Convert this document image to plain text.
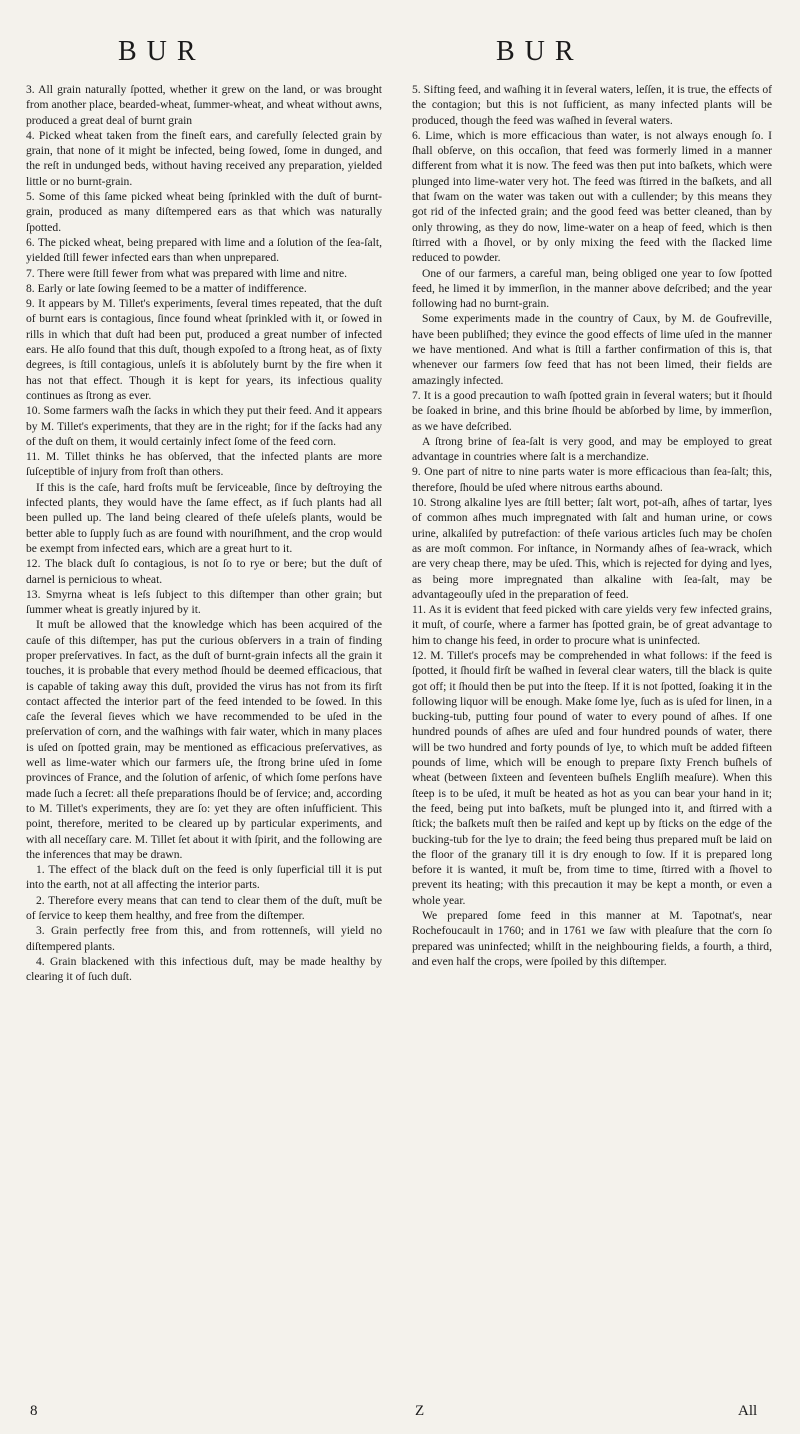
BUR	BUR

3. All grain naturally ſpotted, whether it grew on the land, or was brought from another place, bearded-wheat, ſummer-wheat, and wheat without awns, produced a great deal of burnt grain

4. Picked wheat taken from the fineſt ears, and carefully ſelected grain by grain, that none of it might be infected, being ſowed, ſome in dunged, and the reſt in undunged beds, without having received any preparation, yielded little or no burnt-grain.

5. Some of this ſame picked wheat being ſprinkled with the duſt of burnt-grain, produced as many diſtempered ears as that which was naturally ſpotted.

6. The picked wheat, being prepared with lime and a ſolution of the ſea-ſalt, yielded ſtill fewer infected ears than when unprepared.

7. There were ſtill fewer from what was prepared with lime and nitre.

8. Early or late ſowing ſeemed to be a matter of indifference.

9. It appears by M. Tillet's experiments, ſeveral times repeated, that the duſt of burnt ears is contagious, ſince found wheat ſprinkled with it, or ſowed in rills in which that duſt had been put, produced a great number of infected ears. He alſo found that this duſt, though expoſed to a ſtrong heat, as of ſixty degrees, is ſtill contagious, unleſs it is abſolutely burnt by the fire when it has not that effect. Though it is kept for years, its infectious quality continues as ſtrong as ever.

10. Some farmers waſh the ſacks in which they put their feed. And it appears by M. Tillet's experiments, that they are in the right; for if the ſacks had any of the duſt on them, it would certainly infect ſome of the feed corn.

11. M. Tillet thinks he has obſerved, that the infected plants are more ſuſceptible of injury from froſt than others.

If this is the caſe, hard froſts muſt be ſerviceable, ſince by deſtroying the infected plants, they would have the ſame effect, as if ſuch plants had all been pulled up. The land being cleared of theſe uſeleſs plants, would be better able to ſupply ſuch as are found with nouriſhment, and the crop would be exempt from infected ears, which are a great hurt to it.

12. The black duſt ſo contagious, is not ſo to rye or bere; but the duſt of darnel is pernicious to wheat.

13. Smyrna wheat is leſs ſubject to this diſtemper than other grain; but ſummer wheat is greatly injured by it.

It muſt be allowed that the knowledge which has been acquired of the cauſe of this diſtemper, has put the curious obſervers in a train of finding proper preſervatives. In fact, as the duſt of burnt-grain infects all the grain it touches, it is probable that every method ſhould be deemed efficacious, that is capable of taking away this duſt, provided the virus has not from its firſt contact affected the interior part of the feed intended to be ſowed. In this caſe the ſeveral ſieves which we have recommended to be uſed in the preſervation of corn, and the waſhings with fair water, which in many places is uſed on ſpotted grain, may be mentioned as efficacious preſervatives, as well as lime-water which our farmers uſe, the ſtrong brine uſed in ſome provinces of France, and the ſolution of arſenic, of which ſome perſons have made ſuch a ſecret: all theſe preparations ſhould be of ſervice; and, according to M. Tillet's experiments, they are ſo: yet they are often inſufficient. This point, therefore, merited to be cleared up by particular experiments, and with all neceſſary care. M. Tillet ſet about it with ſpirit, and the following are the inferences that may be drawn.

1. The effect of the black duſt on the feed is only ſuperficial till it is put into the earth, not at all affecting the interior parts.

2. Therefore every means that can tend to clear them of the duſt, muſt be of ſervice to keep them healthy, and free from the diſtemper.

3. Grain perfectly free from this, and from rottenneſs, will yield no diſtempered plants.

4. Grain blackened with this infectious duſt, may be made healthy by clearing it of ſuch duſt.

5. Sifting feed, and waſhing it in ſeveral waters, leſſen, it is true, the effects of the contagion; but this is not ſufficient, as many infected plants will be produced, though the feed was waſhed in ſeveral waters.

6. Lime, which is more efficacious than water, is not always enough ſo. I ſhall obſerve, on this occaſion, that feed was formerly limed in a manner different from what it is now. The feed was then put into baſkets, which were plunged into lime-water very hot. The feed was ſtirred in the baſkets, and all that ſwam on the water was taken out with a cullender; by this means they got rid of the infected grain; and the good feed was better cleaned, than by only throwing, as they do now, lime-water on a heap of feed, which is then ſtirred with a ſhovel, or by only mixing the feed with the ſlacked lime reduced to powder.

One of our farmers, a careful man, being obliged one year to ſow ſpotted feed, he limed it by immerſion, in the manner above deſcribed; and the year following had no burnt-grain.

Some experiments made in the country of Caux, by M. de Goufreville, have been publiſhed; they evince the good effects of lime uſed in the manner we have mentioned. And what is ſtill a farther confirmation of this is, that whenever our farmers ſow feed that has not been limed, their fields are amazingly infected.

7. It is a good precaution to waſh ſpotted grain in ſeveral waters; but it ſhould be ſoaked in brine, and this brine ſhould be abſorbed by lime, by immerſion, as we have deſcribed.

A ſtrong brine of ſea-ſalt is very good, and may be employed to great advantage in countries where ſalt is a merchandize.

9. One part of nitre to nine parts water is more efficacious than ſea-ſalt; this, therefore, ſhould be uſed where nitrous earths abound.

10. Strong alkaline lyes are ſtill better; ſalt wort, pot-aſh, aſhes of tartar, lyes of common aſhes much impregnated with ſalt and human urine, or cows urine, alkaliſed by putrefaction: of theſe various articles ſuch may be choſen as are moſt common. For inſtance, in Normandy aſhes of ſea-wrack, which are very cheap there, may be uſed. This, which is rejected for dying and lyes, as being more impregnated than alkaline with ſea-ſalt, may be advantageouſly uſed in the preparation of feed.

11. As it is evident that feed picked with care yields very few infected grains, it muſt, of courſe, where a farmer has ſpotted grain, be of great advantage to him to change his feed, in order to procure what is uninfected.

12. M. Tillet's procefs may be comprehended in what follows: if the feed is ſpotted, it ſhould firſt be waſhed in ſeveral clear waters, till the black is quite got off; it ſhould then be put into the ſteep. If it is not ſpotted, ſoaking it in the following liquor will be enough. Make ſome lye, ſuch as is uſed for linen, in a bucking-tub, putting four pound of water to every pound of aſhes. If one hundred pounds of aſhes are uſed and four hundred pounds of water, there will be two hundred and forty pounds of lye, to which muſt be added fifteen pounds of lime, which will be enough to prepare ſixty French buſhels of wheat (between ſixteen and ſeventeen buſhels Engliſh meaſure). When this ſteep is to be uſed, it muſt be heated as hot as you can bear your hand in it; the feed, being put into baſkets, muſt be plunged into it, and ſtirred with a ſtick; the baſkets muſt then be raiſed and kept up by ſticks on the edge of the bucking-tub for the lye to drain; the feed being thus prepared muſt be laid on the floor of the granary till it is dry enough to ſow. If it is prepared long before it is wanted, it muſt be, from time to time, ſtirred with a ſhovel to prevent its heating; with this precaution it may be kept a month, or even a whole year.

We prepared ſome feed in this manner at M. Tapotnat's, near Rochefoucault in 1760; and in 1761 we ſaw with pleaſure that the corn ſo prepared was uninfected; whilſt in the neighbouring fields, a fourth, a third, and even half the crops, were ſpoiled by this diſtemper.

8	Z	All
